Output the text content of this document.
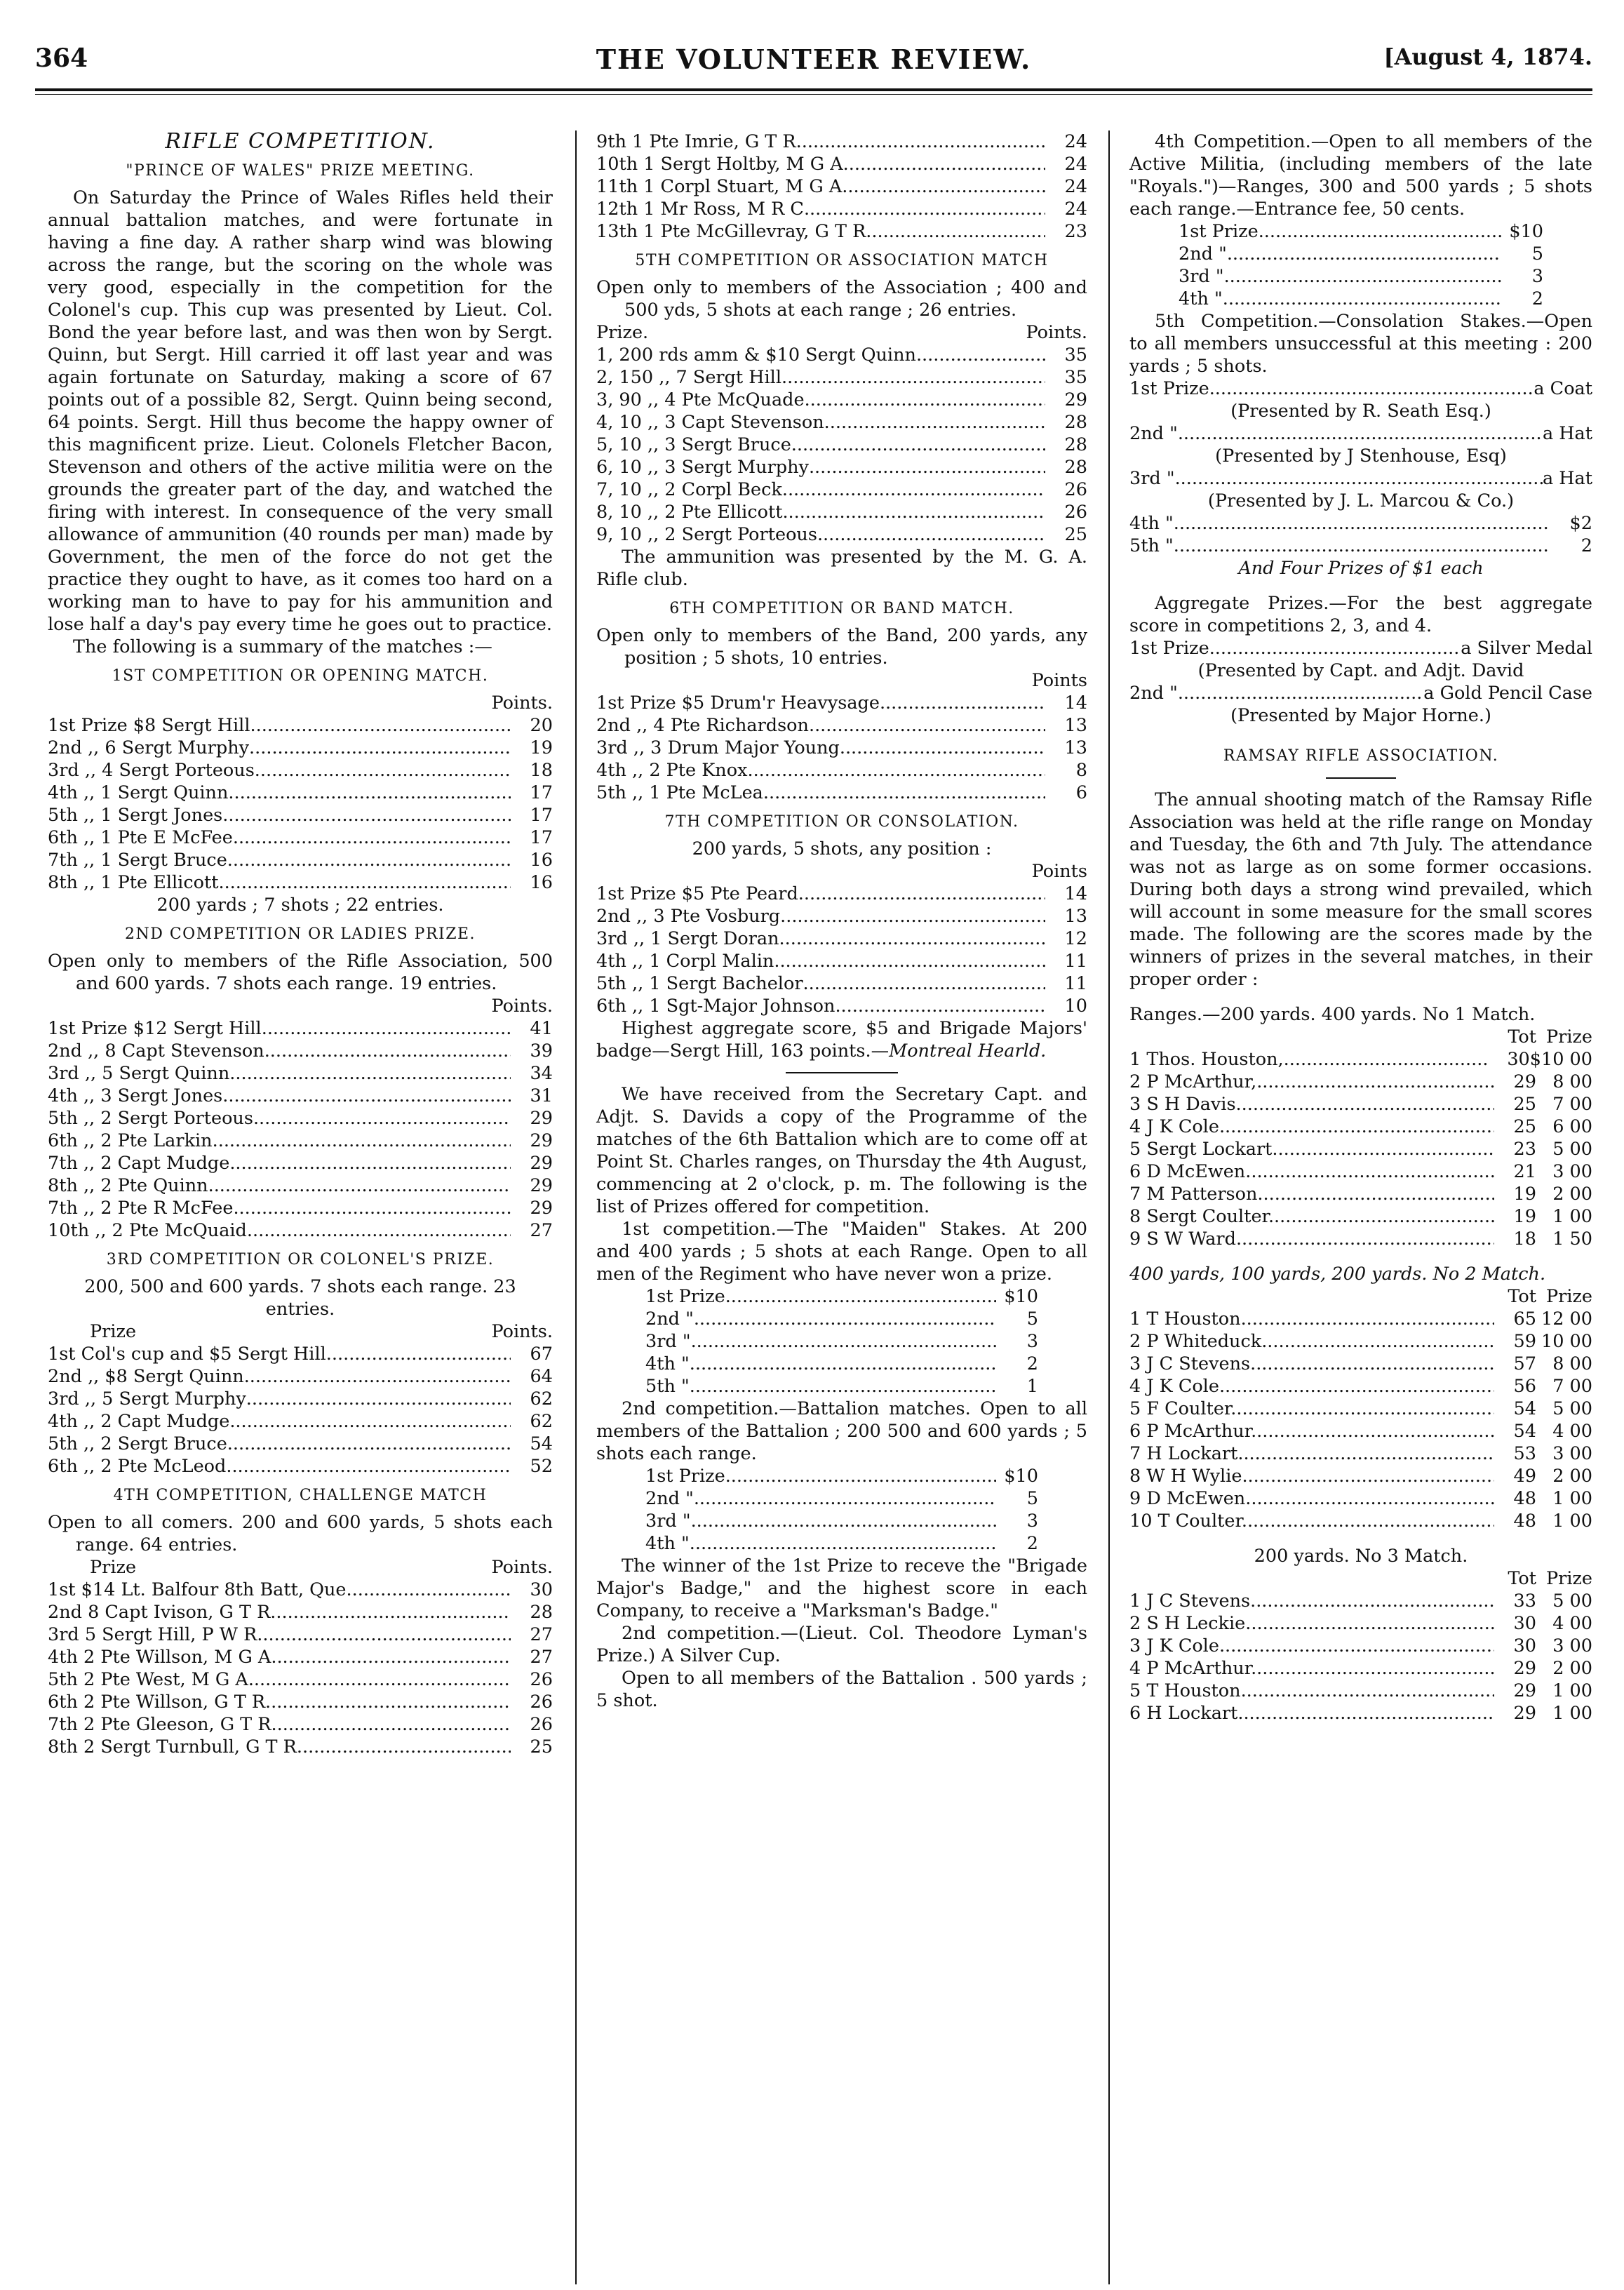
364	THE VOLUNTEER REVIEW.	[August 4, 1874.
RIFLE COMPETITION.
"PRINCE OF WALES" PRIZE MEETING.

On Saturday the Prince of Wales Rifles held their annual battalion matches, and were fortunate in having a fine day. A rather sharp wind was blowing across the range, but the scoring on the whole was very good, especially in the competition for the Colonel's cup. This cup was presented by Lieut. Col. Bond the year before last, and was then won by Sergt. Quinn, but Sergt. Hill carried it off last year and was again fortunate on Saturday, making a score of 67 points out of a possible 82, Sergt. Quinn being second, 64 points. Sergt. Hill thus become the happy owner of this magnificent prize. Lieut. Colonels Fletcher Bacon, Stevenson and others of the active militia were on the grounds the greater part of the day, and watched the firing with interest. In consequence of the very small allowance of ammunition (40 rounds per man) made by Government, the men of the force do not get the practice they ought to have, as it comes too hard on a working man to have to pay for his ammunition and lose half a day's pay every time he goes out to practice.

The following is a summary of the matches :—

1ST COMPETITION OR OPENING MATCH.
Points.
1st Prize $8 Sergt Hill .....	20
2nd ,, 6 Sergt Murphy .....	19
3rd ,, 4 Sergt Porteous .....	18
4th ,, 1 Sergt Quinn .....	17
5th ,, 1 Sergt Jones .....	17
6th ,, 1 Pte E McFee .....	17
7th ,, 1 Sergt Bruce .....	16
8th ,, 1 Pte Ellicott .....	16
200 yards ; 7 shots ; 22 entries.
2ND COMPETITION OR LADIES PRIZE.

Open only to members of the Rifle Association, 500 and 600 yards. 7 shots each range. 19 entries.

Points.
1st Prize $12 Sergt Hill .....	41
2nd ,, 8 Capt Stevenson .....	39
3rd ,, 5 Sergt Quinn .....	34
4th ,, 3 Sergt Jones .....	31
5th ,, 2 Sergt Porteous .....	29
6th ,, 2 Pte Larkin .....	29
7th ,, 2 Capt Mudge .....	29
8th ,, 2 Pte Quinn .....	29
7th ,, 2 Pte R McFee .....	29
10th ,, 2 Pte McQuaid .....	27
3RD COMPETITION OR COLONEL'S PRIZE.

200, 500 and 600 yards. 7 shots each range. 23 entries.

Prize	Points.
1st Col's cup and $5 Sergt Hill .....	67
2nd ,, $8 Sergt Quinn .....	64
3rd ,, 5 Sergt Murphy .....	62
4th ,, 2 Capt Mudge .....	62
5th ,, 2 Sergt Bruce .....	54
6th ,, 2 Pte McLeod .....	52
4TH COMPETITION, CHALLENGE MATCH

Open to all comers. 200 and 600 yards, 5 shots each range. 64 entries.

Prize	Points.
1st $14 Lt. Balfour 8th Batt, Que .....	30
2nd 8 Capt Ivison, G T R .....	28
3rd 5 Sergt Hill, P W R .....	27
4th 2 Pte Willson, M G A .....	27
5th 2 Pte West, M G A .....	26
6th 2 Pte Willson, G T R .....	26
7th 2 Pte Gleeson, G T R .....	26
8th 2 Sergt Turnbull, G T R .....	25
9th 1 Pte Imrie, G T R .....	24
10th 1 Sergt Holtby, M G A .....	24
11th 1 Corpl Stuart, M G A .....	24
12th 1 Mr Ross, M R C .....	24
13th 1 Pte McGillevray, G T R .....	23
5TH COMPETITION OR ASSOCIATION MATCH

Open only to members of the Association ; 400 and 500 yds, 5 shots at each range ; 26 entries.

Prize.	Points.
1, 200 rds amm & $10 Sergt Quinn .....	35
2, 150 ,, 7 Sergt Hill .....	35
3, 90 ,, 4 Pte McQuade .....	29
4, 10 ,, 3 Capt Stevenson .....	28
5, 10 ,, 3 Sergt Bruce .....	28
6, 10 ,, 3 Sergt Murphy .....	28
7, 10 ,, 2 Corpl Beck .....	26
8, 10 ,, 2 Pte Ellicott .....	26
9, 10 ,, 2 Sergt Porteous .....	25

The ammunition was presented by the M. G. A. Rifle club.

6TH COMPETITION OR BAND MATCH.

Open only to members of the Band, 200 yards, any position ; 5 shots, 10 entries.

Points
1st Prize $5 Drum'r Heavysage .....	14
2nd ,, 4 Pte Richardson .....	13
3rd ,, 3 Drum Major Young .....	13
4th ,, 2 Pte Knox .....	8
5th ,, 1 Pte McLea .....	6
7TH COMPETITION OR CONSOLATION.
200 yards, 5 shots, any position :
Points
1st Prize $5 Pte Peard .....	14
2nd ,, 3 Pte Vosburg .....	13
3rd ,, 1 Sergt Doran .....	12
4th ,, 1 Corpl Malin .....	11
5th ,, 1 Sergt Bachelor .....	11
6th ,, 1 Sgt-Major Johnson .....	10

Highest aggregate score, $5 and Brigade Majors' badge—Sergt Hill, 163 points.—Montreal Hearld.

We have received from the Secretary Capt. and Adjt. S. Davids a copy of the Programme of the matches of the 6th Battalion which are to come off at Point St. Charles ranges, on Thursday the 4th August, commencing at 2 o'clock, p. m. The following is the list of Prizes offered for competition.

1st competition.—The "Maiden" Stakes. At 200 and 400 yards ; 5 shots at each Range. Open to all men of the Regiment who have never won a prize.

1st Prize .....	$10
2nd " .....	5
3rd " .....	3
4th " .....	2
5th " .....	1

2nd competition.—Battalion matches. Open to all members of the Battalion ; 200 500 and 600 yards ; 5 shots each range.

1st Prize .....	$10
2nd " .....	5
3rd " .....	3
4th " .....	2

The winner of the 1st Prize to receve the "Brigade Major's Badge," and the highest score in each Company, to receive a "Marksman's Badge."

2nd competition.—(Lieut. Col. Theodore Lyman's Prize.) A Silver Cup.

Open to all members of the Battalion . 500 yards ; 5 shot.

4th Competition.—Open to all members of the Active Militia, (including members of the late "Royals.")—Ranges, 300 and 500 yards ; 5 shots each range.—Entrance fee, 50 cents.

1st Prize .....	$10
2nd " .....	5
3rd " .....	3
4th " .....	2

5th Competition.—Consolation Stakes.—Open to all members unsuccessful at this meeting : 200 yards ; 5 shots.

1st Prize .....	a Coat
(Presented by R. Seath Esq.)
2nd " .....	a Hat
(Presented by J Stenhouse, Esq)
3rd " .....	a Hat
(Presented by J. L. Marcou & Co.)
4th " .....	$2
5th " .....	2
And Four Prizes of $1 each

Aggregate Prizes.—For the best aggregate score in competitions 2, 3, and 4.

1st Prize .....	a Silver Medal
(Presented by Capt. and Adjt. David
2nd " .....	a Gold Pencil Case
(Presented by Major Horne.)
RAMSAY RIFLE ASSOCIATION.

The annual shooting match of the Ramsay Rifle Association was held at the rifle range on Monday and Tuesday, the 6th and 7th July. The attendance was not as large as on some former occasions. During both days a strong wind prevailed, which will account in some measure for the small scores made. The following are the scores made by the winners of prizes in the several matches, in their proper order :

Ranges.—200 yards. 400 yards. No 1 Match.
Tot Prize
1 Thos. Houston, .....	30 $10 00
2 P McArthur, .....	29 8 00
3 S H Davis .....	25 7 00
4 J K Cole .....	25 6 00
5 Sergt Lockart .....	23 5 00
6 D McEwen .....	21 3 00
7 M Patterson .....	19 2 00
8 Sergt Coulter .....	19 1 00
9 S W Ward .....	18 1 50
400 yards, 100 yards, 200 yards. No 2 Match.
Tot Prize
1 T Houston .....	65 12 00
2 P Whiteduck .....	59 10 00
3 J C Stevens .....	57 8 00
4 J K Cole .....	56 7 00
5 F Coulter .....	54 5 00
6 P McArthur .....	54 4 00
7 H Lockart .....	53 3 00
8 W H Wylie .....	49 2 00
9 D McEwen .....	48 1 00
10 T Coulter .....	48 1 00
200 yards. No 3 Match.
Tot Prize
1 J C Stevens .....	33 5 00
2 S H Leckie .....	30 4 00
3 J K Cole .....	30 3 00
4 P McArthur .....	29 2 00
5 T Houston .....	29 1 00
6 H Lockart .....	29 1 00
